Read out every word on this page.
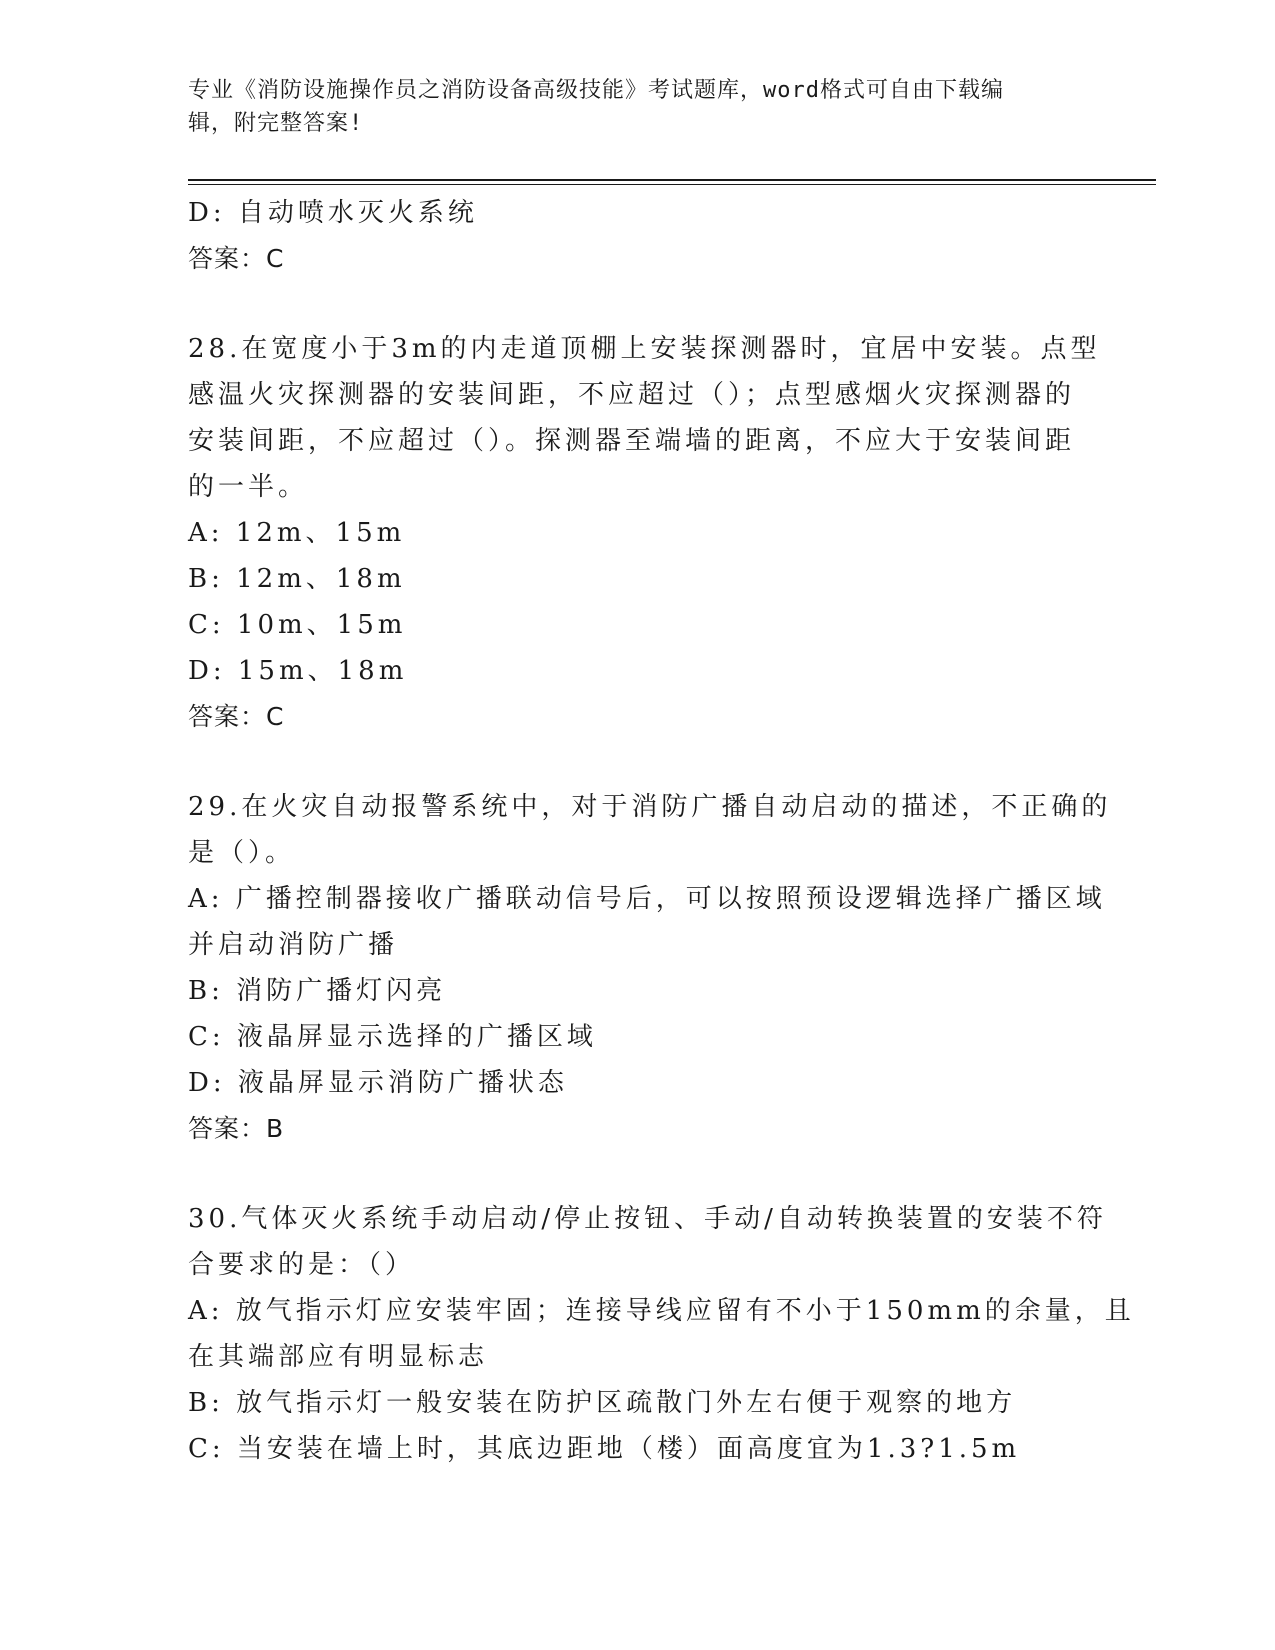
专业《消防设施操作员之消防设备高级技能》考试题库，word格式可自由下载编
辑，附完整答案!
D: 自动喷水灭火系统
答案：C
28.在宽度小于3m的内走道顶棚上安装探测器时，宜居中安装。点型
感温火灾探测器的安装间距，不应超过（）；点型感烟火灾探测器的
安装间距，不应超过（）。探测器至端墙的距离，不应大于安装间距
的一半。
A: 12m、15m
B: 12m、18m
C: 10m、15m
D: 15m、18m
答案：C
29.在火灾自动报警系统中，对于消防广播自动启动的描述，不正确的
是（）。
A: 广播控制器接收广播联动信号后，可以按照预设逻辑选择广播区域
并启动消防广播
B: 消防广播灯闪亮
C: 液晶屏显示选择的广播区域
D: 液晶屏显示消防广播状态
答案：B
30.气体灭火系统手动启动/停止按钮、手动/自动转换装置的安装不符
合要求的是：（）
A: 放气指示灯应安装牢固；连接导线应留有不小于150mm的余量，且
在其端部应有明显标志
B: 放气指示灯一般安装在防护区疏散门外左右便于观察的地方
C: 当安装在墙上时，其底边距地（楼）面高度宜为1.3?1.5m
